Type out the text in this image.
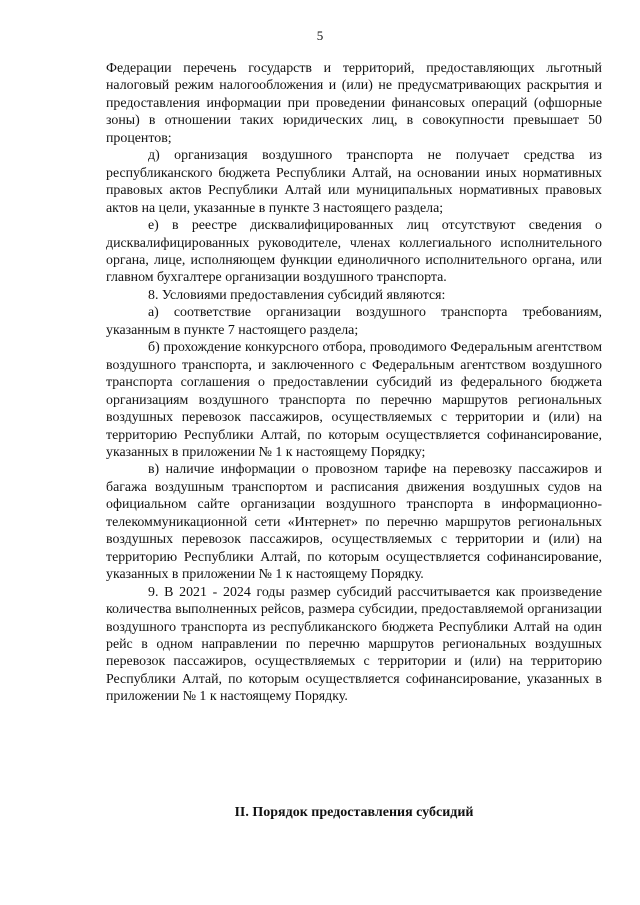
5

Федерации перечень государств и территорий, предоставляющих льготный налоговый режим налогообложения и (или) не предусматривающих раскрытия и предоставления информации при проведении финансовых операций (офшорные зоны) в отношении таких юридических лиц, в совокупности превышает 50 процентов;

д) организация воздушного транспорта не получает средства из республиканского бюджета Республики Алтай, на основании иных нормативных правовых актов Республики Алтай или муниципальных нормативных правовых актов на цели, указанные в пункте 3 настоящего раздела;

е) в реестре дисквалифицированных лиц отсутствуют сведения о дисквалифицированных руководителе, членах коллегиального исполнительного органа, лице, исполняющем функции единоличного исполнительного органа, или главном бухгалтере организации воздушного транспорта.

8. Условиями предоставления субсидий являются:

а) соответствие организации воздушного транспорта требованиям, указанным в пункте 7 настоящего раздела;

б) прохождение конкурсного отбора, проводимого Федеральным агентством воздушного транспорта, и заключенного с Федеральным агентством воздушного транспорта соглашения о предоставлении субсидий из федерального бюджета организациям воздушного транспорта по перечню маршрутов региональных воздушных перевозок пассажиров, осуществляемых с территории и (или) на территорию Республики Алтай, по которым осуществляется софинансирование, указанных в приложении № 1 к настоящему Порядку;

в) наличие информации о провозном тарифе на перевозку пассажиров и багажа воздушным транспортом и расписания движения воздушных судов на официальном сайте организации воздушного транспорта в информационно-телекоммуникационной сети «Интернет» по перечню маршрутов региональных воздушных перевозок пассажиров, осуществляемых с территории и (или) на территорию Республики Алтай, по которым осуществляется софинансирование, указанных в приложении № 1 к настоящему Порядку.

9. В 2021 - 2024 годы размер субсидий рассчитывается как произведение количества выполненных рейсов, размера субсидии, предоставляемой организации воздушного транспорта из республиканского бюджета Республики Алтай на один рейс в одном направлении по перечню маршрутов региональных воздушных перевозок пассажиров, осуществляемых с территории и (или) на территорию Республики Алтай, по которым осуществляется софинансирование, указанных в приложении № 1 к настоящему Порядку.

II. Порядок предоставления субсидий
